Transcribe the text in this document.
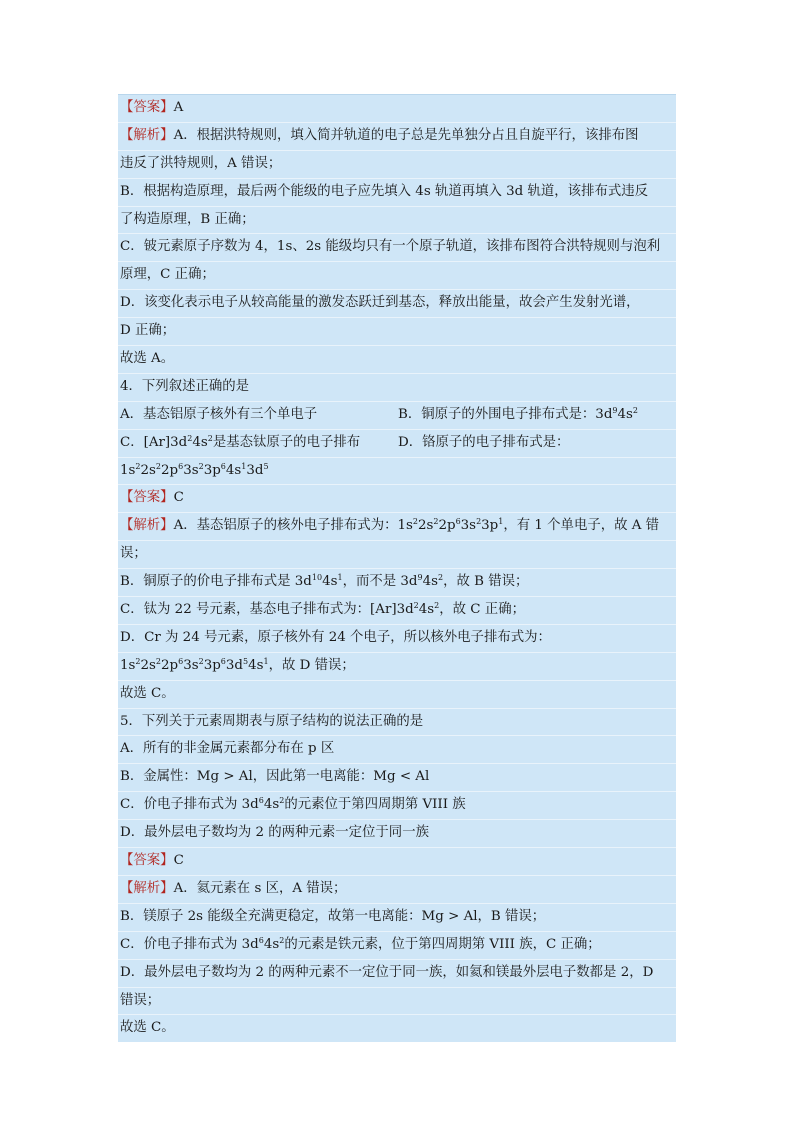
【答案】A
【解析】A．根据洪特规则，填入简并轨道的电子总是先单独分占且自旋平行，该排布图
违反了洪特规则，A 错误；
B．根据构造原理，最后两个能级的电子应先填入 4s 轨道再填入 3d 轨道，该排布式违反
了构造原理，B 正确；
C．铍元素原子序数为 4，1s、2s 能级均只有一个原子轨道，该排布图符合洪特规则与泡利
原理，C 正确；
D．该变化表示电子从较高能量的激发态跃迁到基态，释放出能量，故会产生发射光谱，
D 正确；
故选 A。
4．下列叙述正确的是
A．基态铝原子核外有三个单电子	B．铜原子的外围电子排布式是：$3d^94s^2$
C．$[Ar]3d^24s^2$是基态钛原子的电子排布	D．铬原子的电子排布式是：
$1s^22s^22p^63s^23p^64s^13d^5$
【答案】C
【解析】A．基态铝原子的核外电子排布式为：$1s^22s^22p^63s^23p^1$，有 1 个单电子，故 A 错
误；
B．铜原子的价电子排布式是 $3d^{10}4s^1$，而不是 $3d^94s^2$，故 B 错误；
C．钛为 22 号元素，基态电子排布式为：$[Ar]3d^24s^2$，故 C 正确；
D．Cr 为 24 号元素，原子核外有 24 个电子，所以核外电子排布式为：
$1s^22s^22p^63s^23p^63d^54s^1$，故 D 错误；
故选 C。
5．下列关于元素周期表与原子结构的说法正确的是
A．所有的非金属元素都分布在 p 区
B．金属性：Mg > Al，因此第一电离能：Mg < Al
C．价电子排布式为 $3d^64s^2$的元素位于第四周期第 VIII 族
D．最外层电子数均为 2 的两种元素一定位于同一族
【答案】C
【解析】A．氦元素在 s 区，A 错误；
B．镁原子 2s 能级全充满更稳定，故第一电离能：Mg > Al，B 错误；
C．价电子排布式为 $3d^64s^2$的元素是铁元素，位于第四周期第 VIII 族，C 正确；
D．最外层电子数均为 2 的两种元素不一定位于同一族，如氦和镁最外层电子数都是 2，D
错误；
故选 C。
